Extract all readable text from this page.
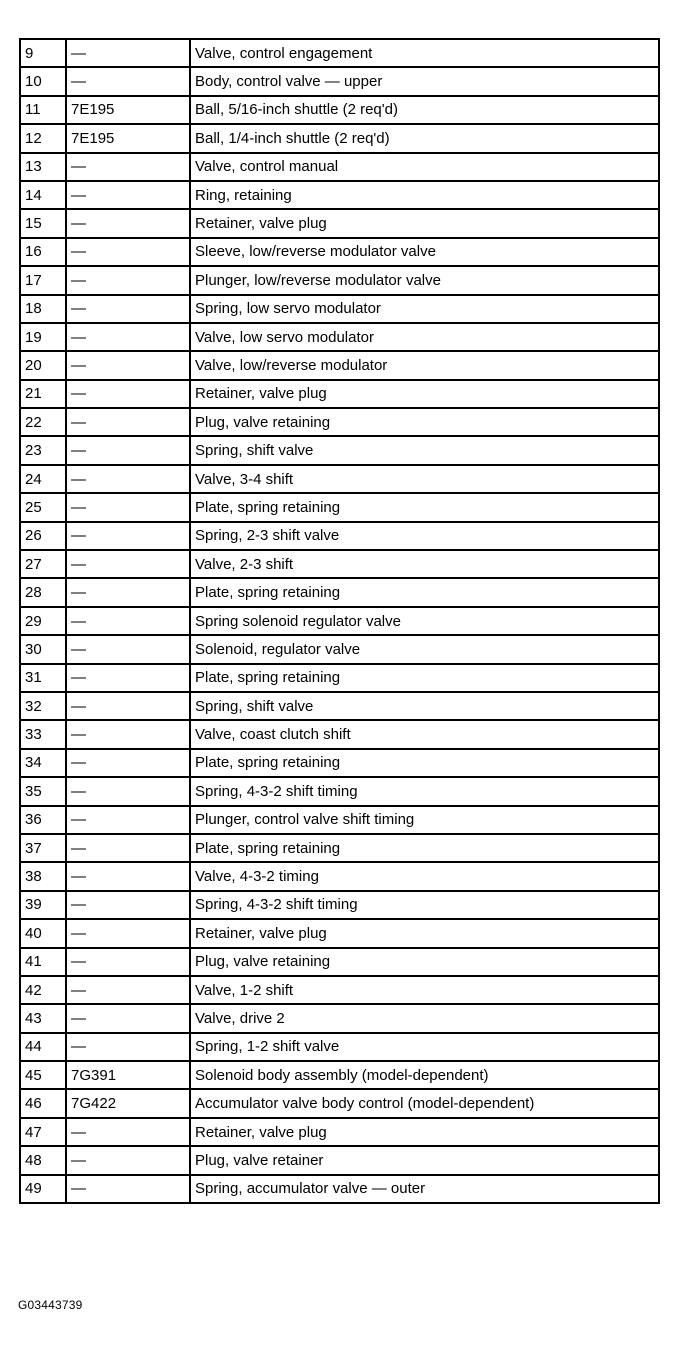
9	—	Valve, control engagement
10	—	Body, control valve — upper
11	7E195	Ball, 5/16-inch shuttle (2 req'd)
12	7E195	Ball, 1/4-inch shuttle (2 req'd)
13	—	Valve, control manual
14	—	Ring, retaining
15	—	Retainer, valve plug
16	—	Sleeve, low/reverse modulator valve
17	—	Plunger, low/reverse modulator valve
18	—	Spring, low servo modulator
19	—	Valve, low servo modulator
20	—	Valve, low/reverse modulator
21	—	Retainer, valve plug
22	—	Plug, valve retaining
23	—	Spring, shift valve
24	—	Valve, 3-4 shift
25	—	Plate, spring retaining
26	—	Spring, 2-3 shift valve
27	—	Valve, 2-3 shift
28	—	Plate, spring retaining
29	—	Spring solenoid regulator valve
30	—	Solenoid, regulator valve
31	—	Plate, spring retaining
32	—	Spring, shift valve
33	—	Valve, coast clutch shift
34	—	Plate, spring retaining
35	—	Spring, 4-3-2 shift timing
36	—	Plunger, control valve shift timing
37	—	Plate, spring retaining
38	—	Valve, 4-3-2 timing
39	—	Spring, 4-3-2 shift timing
40	—	Retainer, valve plug
41	—	Plug, valve retaining
42	—	Valve, 1-2 shift
43	—	Valve, drive 2
44	—	Spring, 1-2 shift valve
45	7G391	Solenoid body assembly (model-dependent)
46	7G422	Accumulator valve body control (model-dependent)
47	—	Retainer, valve plug
48	—	Plug, valve retainer
49	—	Spring, accumulator valve — outer
G03443739
